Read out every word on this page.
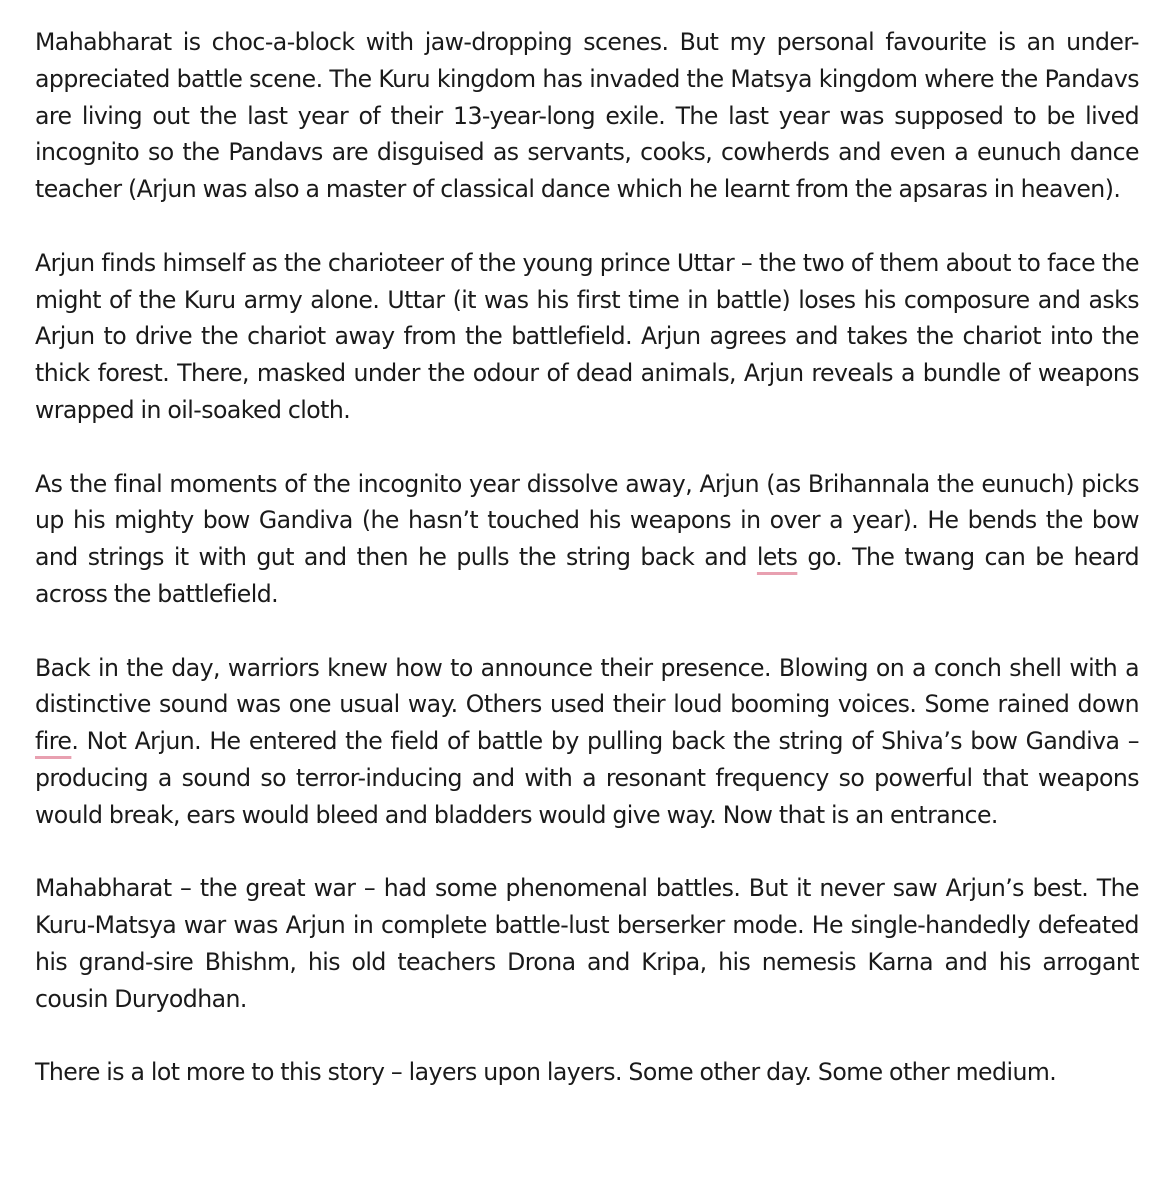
Mahabharat is choc-a-block with jaw-dropping scenes. But my personal favourite is an under-appreciated battle scene. The Kuru kingdom has invaded the Matsya kingdom where the Pandavs are living out the last year of their 13-year-long exile. The last year was supposed to be lived incognito so the Pandavs are disguised as servants, cooks, cowherds and even a eunuch dance teacher (Arjun was also a master of classical dance which he learnt from the apsaras in heaven).

Arjun finds himself as the charioteer of the young prince Uttar – the two of them about to face the might of the Kuru army alone. Uttar (it was his first time in battle) loses his composure and asks Arjun to drive the chariot away from the battlefield. Arjun agrees and takes the chariot into the thick forest. There, masked under the odour of dead animals, Arjun reveals a bundle of weapons wrapped in oil-soaked cloth.

As the final moments of the incognito year dissolve away, Arjun (as Brihannala the eunuch) picks up his mighty bow Gandiva (he hasn’t touched his weapons in over a year). He bends the bow and strings it with gut and then he pulls the string back and lets go. The twang can be heard across the battlefield.

Back in the day, warriors knew how to announce their presence. Blowing on a conch shell with a distinctive sound was one usual way. Others used their loud booming voices. Some rained down fire. Not Arjun. He entered the field of battle by pulling back the string of Shiva’s bow Gandiva – producing a sound so terror-inducing and with a resonant frequency so powerful that weapons would break, ears would bleed and bladders would give way. Now that is an entrance.

Mahabharat – the great war – had some phenomenal battles. But it never saw Arjun’s best. The Kuru-Matsya war was Arjun in complete battle-lust berserker mode. He single-handedly defeated his grand-sire Bhishm, his old teachers Drona and Kripa, his nemesis Karna and his arrogant cousin Duryodhan.

There is a lot more to this story – layers upon layers. Some other day. Some other medium.
